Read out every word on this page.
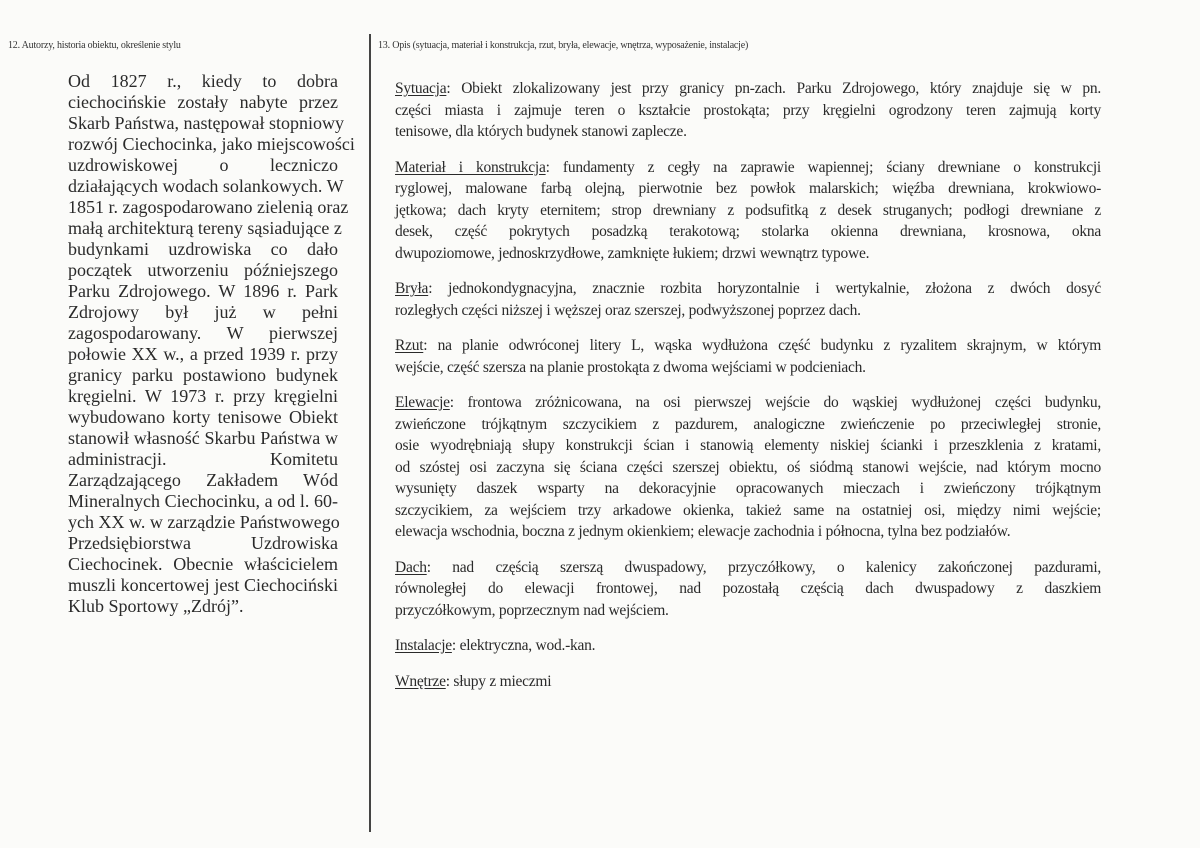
12. Autorzy, historia obiektu, określenie stylu	13. Opis (sytuacja, materiał i konstrukcja, rzut, bryła, elewacje, wnętrza, wyposażenie, instalacje)
Od 1827 r., kiedy to dobra
ciechocińskie zostały nabyte przez
Skarb Państwa, następował stopniowy
rozwój Ciechocinka, jako miejscowości
uzdrowiskowej o leczniczo
działających wodach solankowych. W
1851 r. zagospodarowano zielenią oraz
małą architekturą tereny sąsiadujące z
budynkami uzdrowiska co dało
początek utworzeniu późniejszego
Parku Zdrojowego. W 1896 r. Park
Zdrojowy był już w pełni
zagospodarowany. W pierwszej
połowie XX w., a przed 1939 r. przy
granicy parku postawiono budynek
kręgielni. W 1973 r. przy kręgielni
wybudowano korty tenisowe Obiekt
stanowił własność Skarbu Państwa w
administracji. Komitetu
Zarządzającego Zakładem Wód
Mineralnych Ciechocinku, a od l. 60-
ych XX w. w zarządzie Państwowego
Przedsiębiorstwa Uzdrowiska
Ciechocinek. Obecnie właścicielem
muszli koncertowej jest Ciechociński
Klub Sportowy „Zdrój”.
Sytuacja: Obiekt zlokalizowany jest przy granicy pn-zach. Parku Zdrojowego, który znajduje się w pn.
części miasta i zajmuje teren o kształcie prostokąta; przy kręgielni ogrodzony teren zajmują korty
tenisowe, dla których budynek stanowi zaplecze.
Materiał i konstrukcja: fundamenty z cegły na zaprawie wapiennej; ściany drewniane o konstrukcji
ryglowej, malowane farbą olejną, pierwotnie bez powłok malarskich; więźba drewniana, krokwiowo-
jętkowa; dach kryty eternitem; strop drewniany z podsufitką z desek struganych; podłogi drewniane z
desek, część pokrytych posadzką terakotową; stolarka okienna drewniana, krosnowa, okna
dwupoziomowe, jednoskrzydłowe, zamknięte łukiem; drzwi wewnątrz typowe.
Bryła: jednokondygnacyjna, znacznie rozbita horyzontalnie i wertykalnie, złożona z dwóch dosyć
rozległych części niższej i węższej oraz szerszej, podwyższonej poprzez dach.
Rzut: na planie odwróconej litery L, wąska wydłużona część budynku z ryzalitem skrajnym, w którym
wejście, część szersza na planie prostokąta z dwoma wejściami w podcieniach.
Elewacje: frontowa zróżnicowana, na osi pierwszej wejście do wąskiej wydłużonej części budynku,
zwieńczone trójkątnym szczycikiem z pazdurem, analogiczne zwieńczenie po przeciwległej stronie,
osie wyodrębniają słupy konstrukcji ścian i stanowią elementy niskiej ścianki i przeszklenia z kratami,
od szóstej osi zaczyna się ściana części szerszej obiektu, oś siódmą stanowi wejście, nad którym mocno
wysunięty daszek wsparty na dekoracyjnie opracowanych mieczach i zwieńczony trójkątnym
szczycikiem, za wejściem trzy arkadowe okienka, takież same na ostatniej osi, między nimi wejście;
elewacja wschodnia, boczna z jednym okienkiem; elewacje zachodnia i północna, tylna bez podziałów.
Dach: nad częścią szerszą dwuspadowy, przyczółkowy, o kalenicy zakończonej pazdurami,
równoległej do elewacji frontowej, nad pozostałą częścią dach dwuspadowy z daszkiem
przyczółkowym, poprzecznym nad wejściem.
Instalacje: elektryczna, wod.-kan.
Wnętrze: słupy z mieczmi
